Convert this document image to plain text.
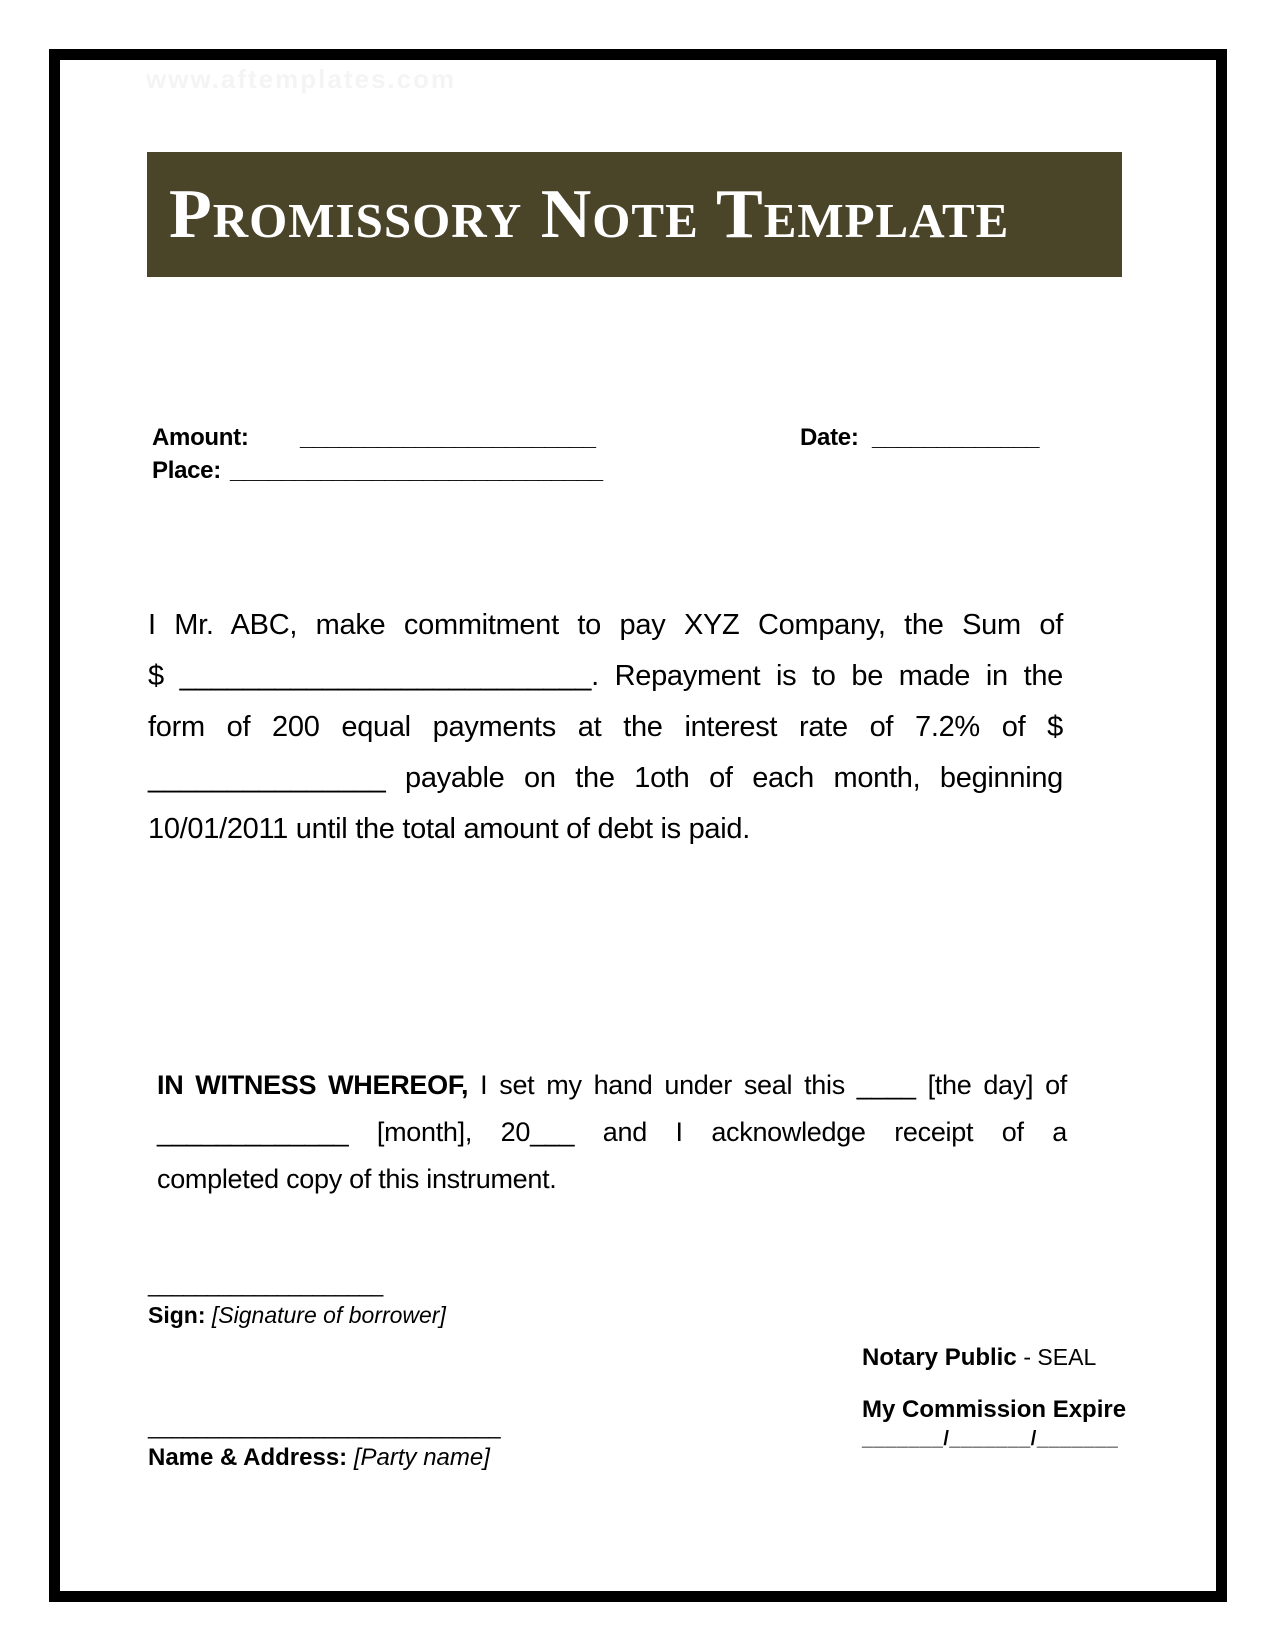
www.aftemplates.com
Promissory Note Template
Amount: _______________________	Date: _____________
Place: _____________________________
I Mr. ABC, make commitment to pay XYZ Company, the Sum of
$ __________________________. Repayment is to be made in the
form of 200 equal payments at the interest rate of 7.2% of $
_______________ payable on the 1oth of each month, beginning
10/01/2011 until the total amount of debt is paid.
IN WITNESS WHEREOF, I set my hand under seal this ____ [the day] of
_____________ [month], 20___ and I acknowledge receipt of a
completed copy of this instrument.
____________________
Sign: [Signature of borrower]
______________________________
Name & Address: [Party name]
Notary Public - SEAL
My Commission Expire
_______/_______/_______
